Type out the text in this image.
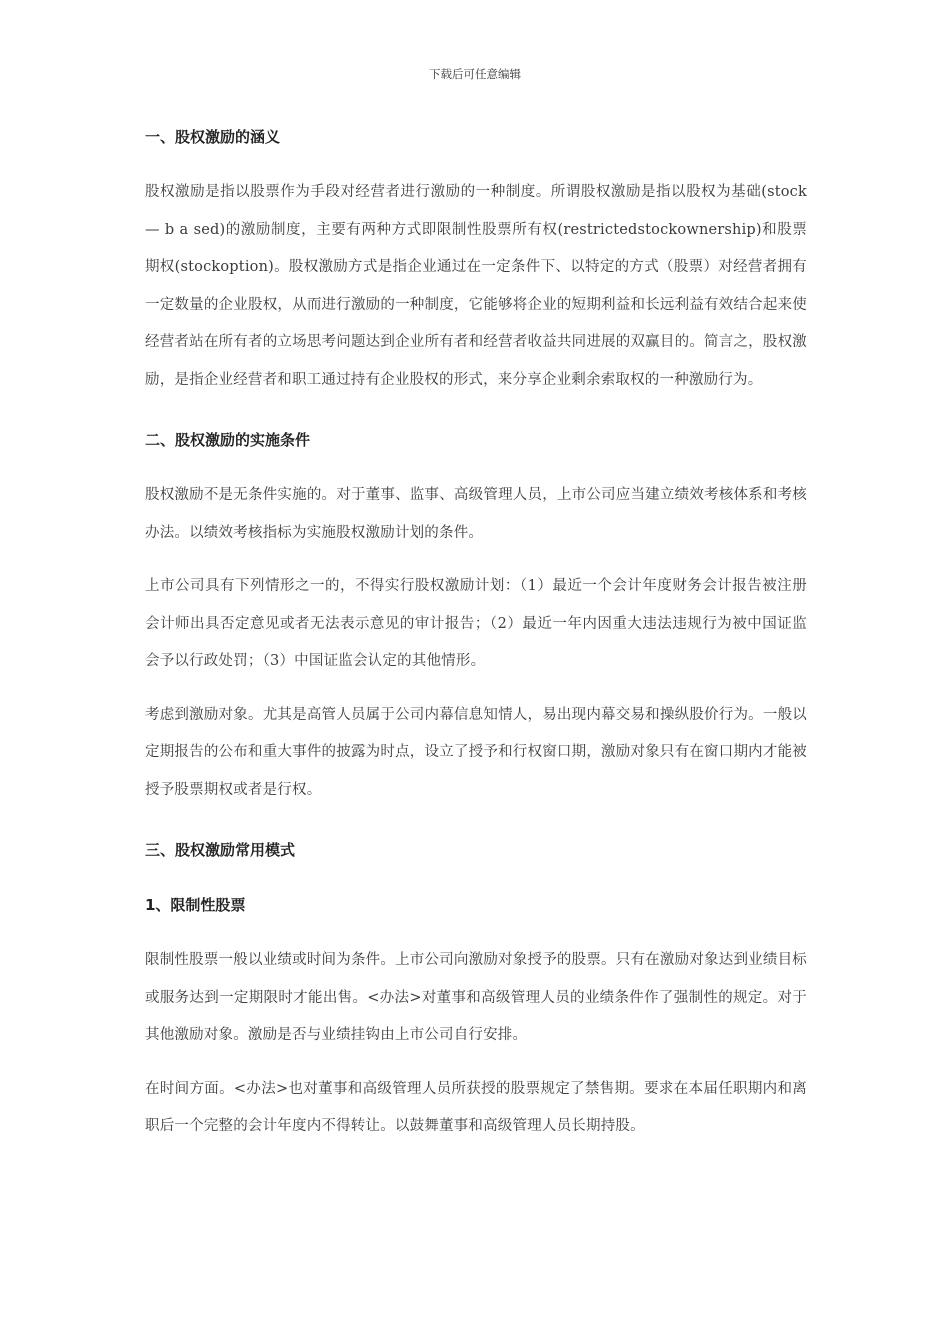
下载后可任意编辑
一、股权激励的涵义

股权激励是指以股票作为手段对经营者进行激励的一种制度。所谓股权激励是指以股权为基础(stock— b a sed)的激励制度，主要有两种方式即限制性股票所有权(restrictedstockownership)和股票期权(stockoption)。股权激励方式是指企业通过在一定条件下、以特定的方式（股票）对经营者拥有一定数量的企业股权，从而进行激励的一种制度，它能够将企业的短期利益和长远利益有效结合起来使经营者站在所有者的立场思考问题达到企业所有者和经营者收益共同进展的双赢目的。简言之，股权激励，是指企业经营者和职工通过持有企业股权的形式，来分享企业剩余索取权的一种激励行为。

二、股权激励的实施条件

股权激励不是无条件实施的。对于董事、监事、高级管理人员，上市公司应当建立绩效考核体系和考核办法。以绩效考核指标为实施股权激励计划的条件。

上市公司具有下列情形之一的，不得实行股权激励计划：（1）最近一个会计年度财务会计报告被注册会计师出具否定意见或者无法表示意见的审计报告；（2）最近一年内因重大违法违规行为被中国证监会予以行政处罚；（3）中国证监会认定的其他情形。

考虑到激励对象。尤其是高管人员属于公司内幕信息知情人，易出现内幕交易和操纵股价行为。一般以定期报告的公布和重大事件的披露为时点，设立了授予和行权窗口期，激励对象只有在窗口期内才能被授予股票期权或者是行权。

三、股权激励常用模式
1、限制性股票

限制性股票一般以业绩或时间为条件。上市公司向激励对象授予的股票。只有在激励对象达到业绩目标或服务达到一定期限时才能出售。<办法>对董事和高级管理人员的业绩条件作了强制性的规定。对于其他激励对象。激励是否与业绩挂钩由上市公司自行安排。

在时间方面。<办法>也对董事和高级管理人员所获授的股票规定了禁售期。要求在本届任职期内和离职后一个完整的会计年度内不得转让。以鼓舞董事和高级管理人员长期持股。
